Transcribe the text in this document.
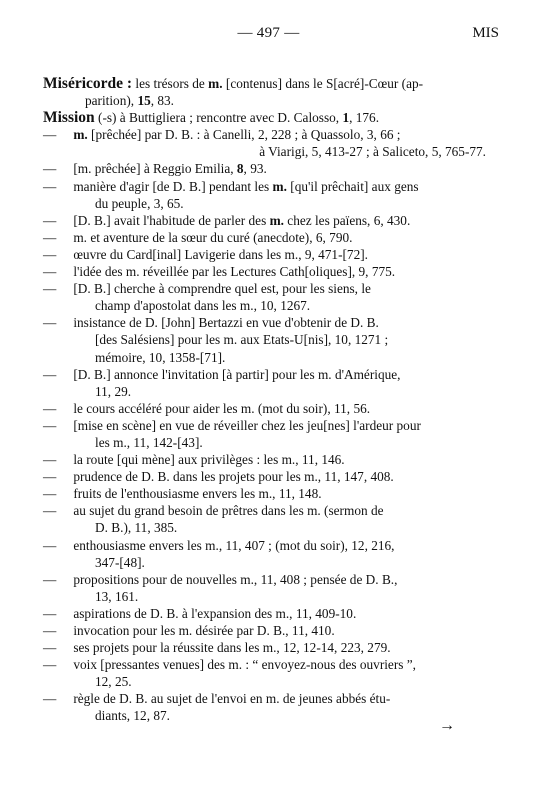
— 497 —	MIS
Miséricorde : les trésors de m. [contenus] dans le S[acré]-Cœur (ap-
parition), 15, 83.
Mission (-s) à Buttigliera ; rencontre avec D. Calosso, 1, 176.
— m. [prêchée] par D. B. : à Canelli, 2, 228 ; à Quassolo, 3, 66 ;
à Viarigi, 5, 413-27 ; à Saliceto, 5, 765-77.
— [m. prêchée] à Reggio Emilia, 8, 93.
— manière d'agir [de D. B.] pendant les m. [qu'il prêchait] aux gens
du peuple, 3, 65.
— [D. B.] avait l'habitude de parler des m. chez les païens, 6, 430.
— m. et aventure de la sœur du curé (anecdote), 6, 790.
— œuvre du Card[inal] Lavigerie dans les m., 9, 471-[72].
— l'idée des m. réveillée par les Lectures Cath[oliques], 9, 775.
— [D. B.] cherche à comprendre quel est, pour les siens, le
champ d'apostolat dans les m., 10, 1267.
— insistance de D. [John] Bertazzi en vue d'obtenir de D. B.
[des Salésiens] pour les m. aux Etats-U[nis], 10, 1271 ;
mémoire, 10, 1358-[71].
— [D. B.] annonce l'invitation [à partir] pour les m. d'Amérique,
11, 29.
— le cours accéléré pour aider les m. (mot du soir), 11, 56.
— [mise en scène] en vue de réveiller chez les jeu[nes] l'ardeur pour
les m., 11, 142-[43].
— la route [qui mène] aux privilèges : les m., 11, 146.
— prudence de D. B. dans les projets pour les m., 11, 147, 408.
— fruits de l'enthousiasme envers les m., 11, 148.
— au sujet du grand besoin de prêtres dans les m. (sermon de
D. B.), 11, 385.
— enthousiasme envers les m., 11, 407 ; (mot du soir), 12, 216,
347-[48].
— propositions pour de nouvelles m., 11, 408 ; pensée de D. B.,
13, 161.
— aspirations de D. B. à l'expansion des m., 11, 409-10.
— invocation pour les m. désirée par D. B., 11, 410.
— ses projets pour la réussite dans les m., 12, 12-14, 223, 279.
— voix [pressantes venues] des m. : “ envoyez-nous des ouvriers ”,
12, 25.
— règle de D. B. au sujet de l'envoi en m. de jeunes abbés étu-
diants, 12, 87.
→
